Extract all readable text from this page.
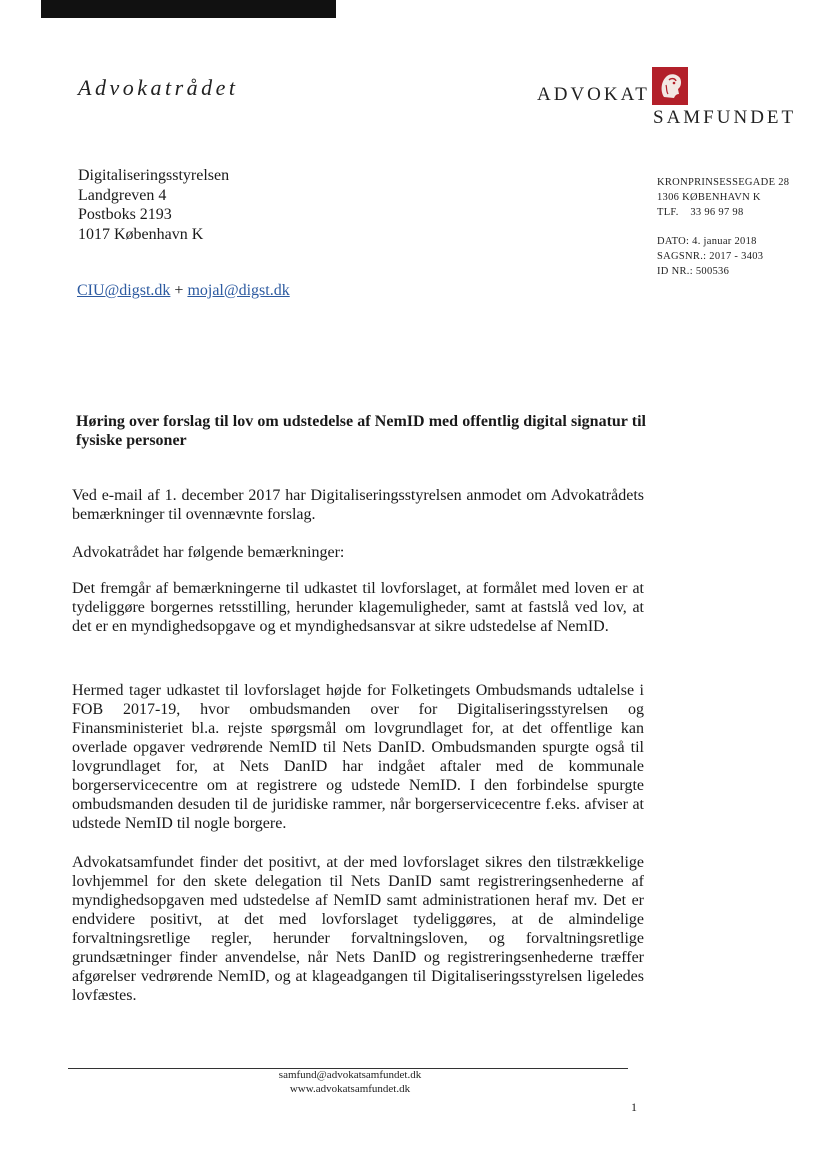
Advokatrådet	ADVOKAT
SAMFUNDET
Digitaliseringsstyrelsen
Landgreven 4
Postboks 2193
1017 København K
KRONPRINSESSEGADE 28
1306 KØBENHAVN K
TLF.    33 96 97 98
DATO: 4. januar 2018
SAGSNR.: 2017 - 3403
ID NR.: 500536
CIU@digst.dk + mojal@digst.dk
Høring over forslag til lov om udstedelse af NemID med offentlig digital signatur til fysiske personer
Ved e-mail af 1. december 2017 har Digitaliseringsstyrelsen anmodet om Advokatrådets bemærkninger til ovennævnte forslag.
Advokatrådet har følgende bemærkninger:
Det fremgår af bemærkningerne til udkastet til lovforslaget, at formålet med loven er at tydeliggøre borgernes retsstilling, herunder klagemuligheder, samt at fastslå ved lov, at det er en myndighedsopgave og et myndighedsansvar at sikre udstedelse af NemID.
Hermed tager udkastet til lovforslaget højde for Folketingets Ombudsmands udtalelse i FOB 2017-19, hvor ombudsmanden over for Digitaliseringsstyrelsen og Finansministeriet bl.a. rejste spørgsmål om lovgrundlaget for, at det offentlige kan overlade opgaver vedrørende NemID til Nets DanID. Ombudsmanden spurgte også til lovgrundlaget for, at Nets DanID har indgået aftaler med de kommunale borgerservicecentre om at registrere og udstede NemID. I den forbindelse spurgte ombudsmanden desuden til de juridiske rammer, når borgerservicecentre f.eks. afviser at udstede NemID til nogle borgere.
Advokatsamfundet finder det positivt, at der med lovforslaget sikres den tilstrækkelige lovhjemmel for den skete delegation til Nets DanID samt registreringsenhederne af myndighedsopgaven med udstedelse af NemID samt administrationen heraf mv. Det er endvidere positivt, at det med lovforslaget tydeliggøres, at de almindelige forvaltningsretlige regler, herunder forvaltningsloven, og forvaltningsretlige grundsætninger finder anvendelse, når Nets DanID og registreringsenhederne træffer afgørelser vedrørende NemID, og at klageadgangen til Digitaliseringsstyrelsen ligeledes lovfæstes.
samfund@advokatsamfundet.dk
www.advokatsamfundet.dk
1
